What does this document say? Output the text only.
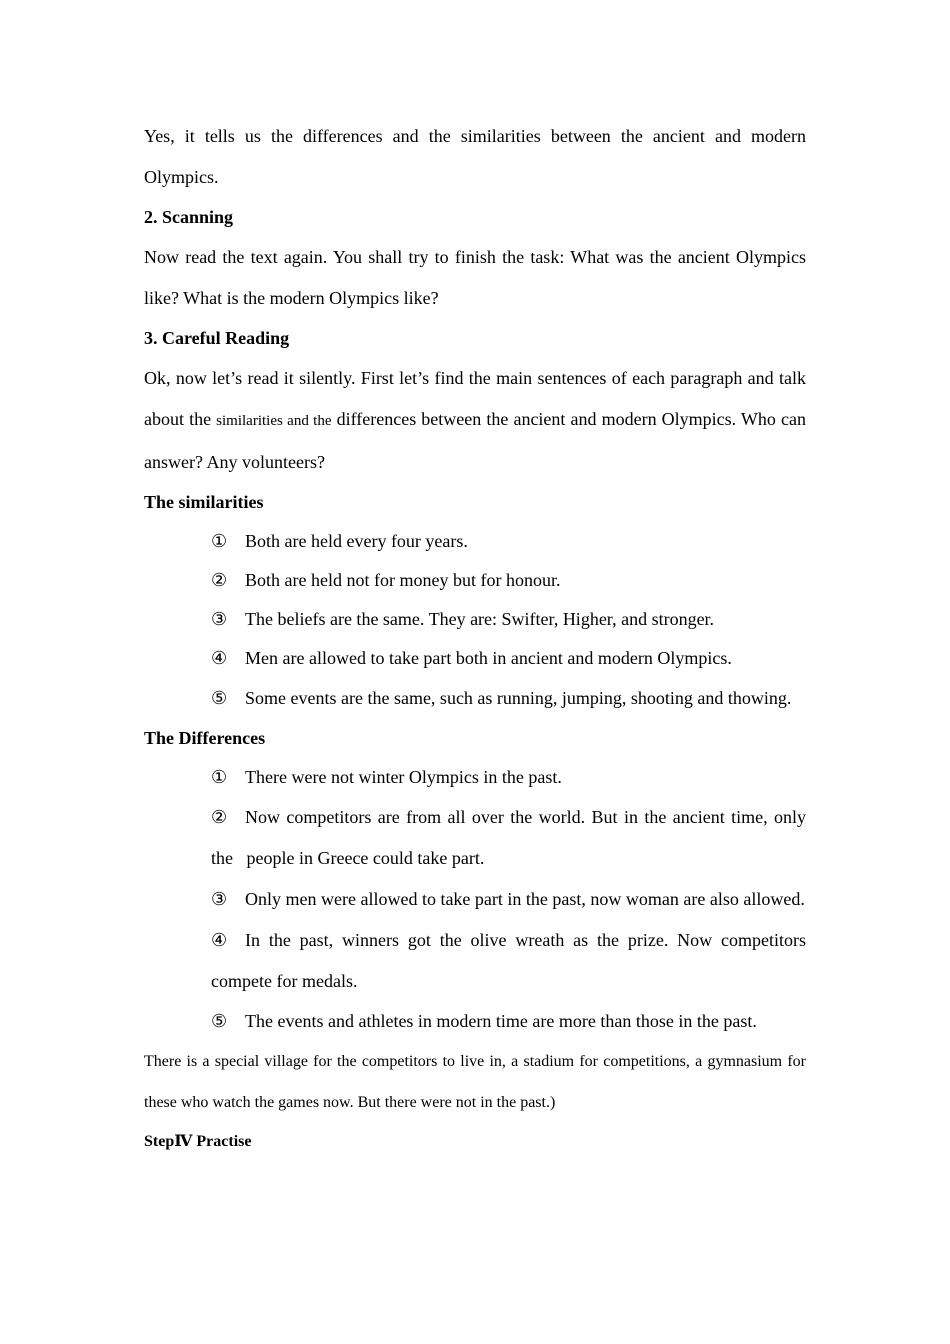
Yes, it tells us the differences and the similarities between the ancient and modern Olympics.

2. Scanning

Now read the text again. You shall try to finish the task: What was the ancient Olympics like? What is the modern Olympics like?

3. Careful Reading

Ok, now let’s read it silently. First let’s find the main sentences of each paragraph and talk about the similarities and the differences between the ancient and modern Olympics. Who can answer? Any volunteers?

The similarities

① Both are held every four years.

② Both are held not for money but for honour.

③ The beliefs are the same. They are: Swifter, Higher, and stronger.

④ Men are allowed to take part both in ancient and modern Olympics.

⑤ Some events are the same, such as running, jumping, shooting and thowing.

The Differences

① There were not winter Olympics in the past.

② Now competitors are from all over the world. But in the ancient time, only the   people in Greece could take part.

③ Only men were allowed to take part in the past, now woman are also allowed.

④ In the past, winners got the olive wreath as the prize. Now competitors compete for medals.

⑤ The events and athletes in modern time are more than those in the past.

There is a special village for the competitors to live in, a stadium for competitions, a gymnasium for these who watch the games now. But there were not in the past.)

StepⅣ Practise
